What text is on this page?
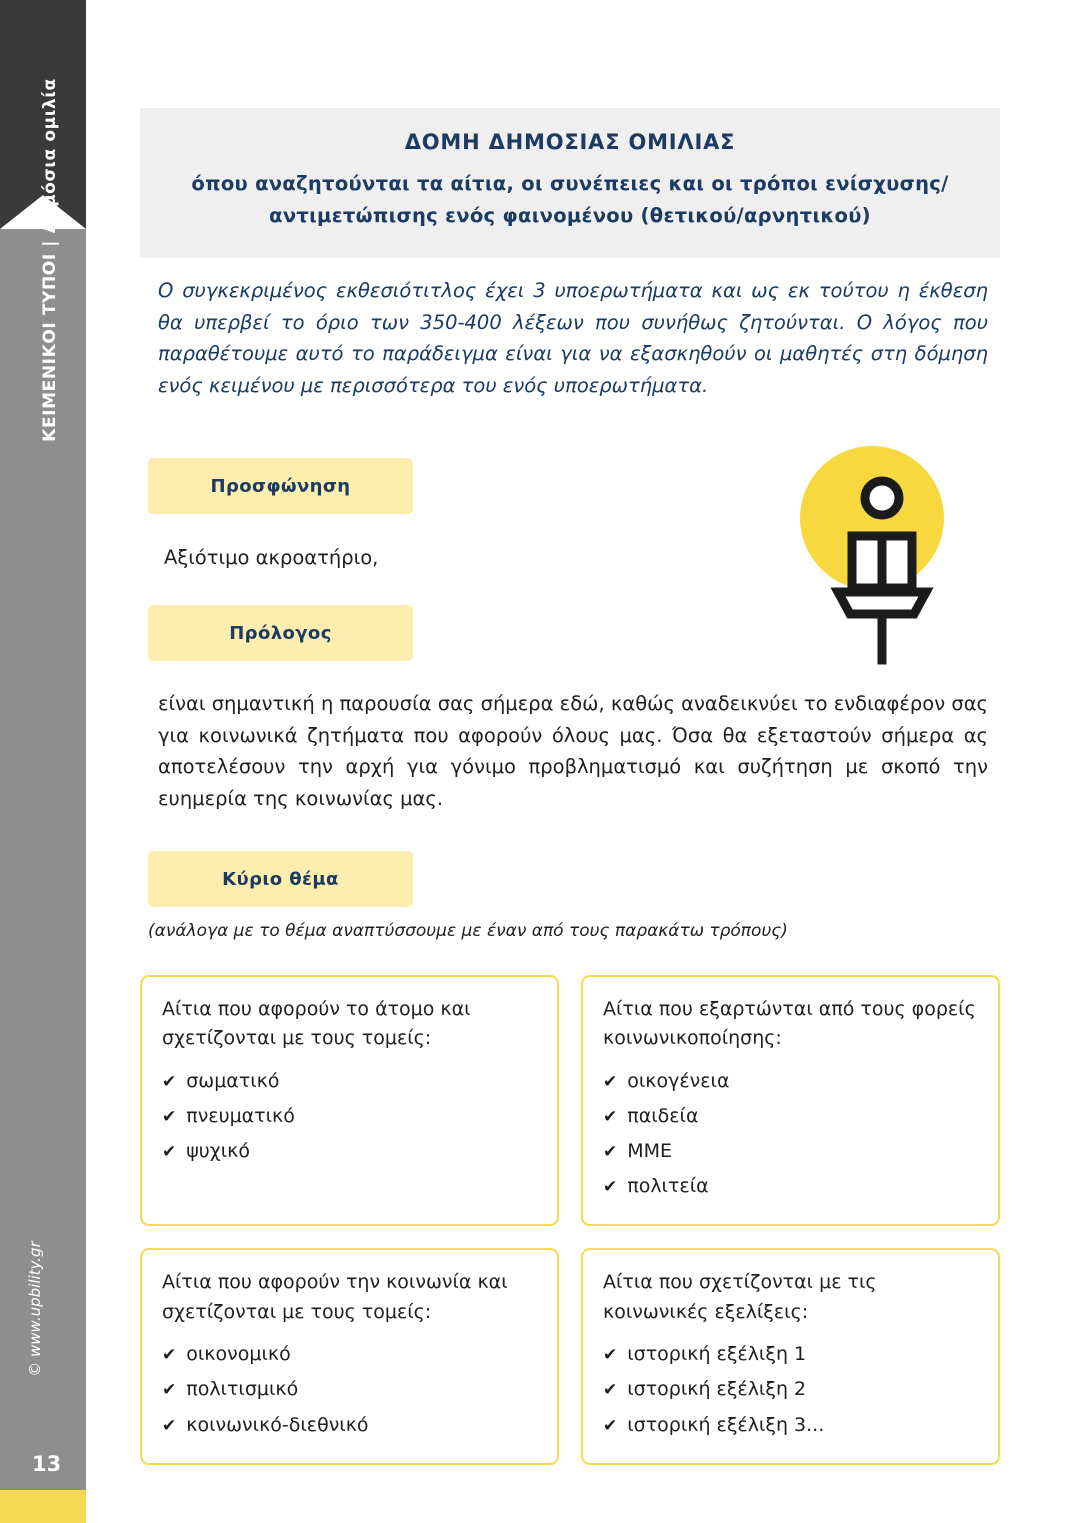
ΚΕΙΜΕΝΙΚΟΙ ΤΥΠΟΙ | Δημόσια ομιλία
© www.upbility.gr
13
ΔΟΜΗ ΔΗΜΟΣΙΑΣ ΟΜΙΛΙΑΣ
όπου αναζητούνται τα αίτια, οι συνέπειες και οι τρόποι ενίσχυσης/
αντιμετώπισης ενός φαινομένου (θετικού/αρνητικού)
Ο συγκεκριμένος εκθεσιότιτλος έχει 3 υποερωτήματα και ως εκ τούτου η έκθεση θα υπερβεί το όριο των 350-400 λέξεων που συνήθως ζητούνται. Ο λόγος που παραθέτουμε αυτό το παράδειγμα είναι για να εξασκηθούν οι μαθητές στη δόμηση ενός κειμένου με περισσότερα του ενός υποερωτήματα.
Προσφώνηση
Αξιότιμο ακροατήριο,
Πρόλογος
είναι σημαντική η παρουσία σας σήμερα εδώ, καθώς αναδεικνύει το ενδιαφέρον σας για κοινωνικά ζητήματα που αφορούν όλους μας. Όσα θα εξεταστούν σήμερα ας αποτελέσουν την αρχή για γόνιμο προβληματισμό και συζήτηση με σκοπό την ευημερία της κοινωνίας μας.
Κύριο θέμα
(ανάλογα με το θέμα αναπτύσσουμε με έναν από τους παρακάτω τρόπους)
Αίτια που αφορούν το άτομο και σχετίζονται με τους τομείς:
✔ σωματικό
✔ πνευματικό
✔ ψυχικό
Αίτια που εξαρτώνται από τους φορείς κοινωνικοποίησης:
✔ οικογένεια
✔ παιδεία
✔ ΜΜΕ
✔ πολιτεία
Αίτια που αφορούν την κοινωνία και σχετίζονται με τους τομείς:
✔ οικονομικό
✔ πολιτισμικό
✔ κοινωνικό-διεθνικό
Αίτια που σχετίζονται με τις κοινωνικές εξελίξεις:
✔ ιστορική εξέλιξη 1
✔ ιστορική εξέλιξη 2
✔ ιστορική εξέλιξη 3...
